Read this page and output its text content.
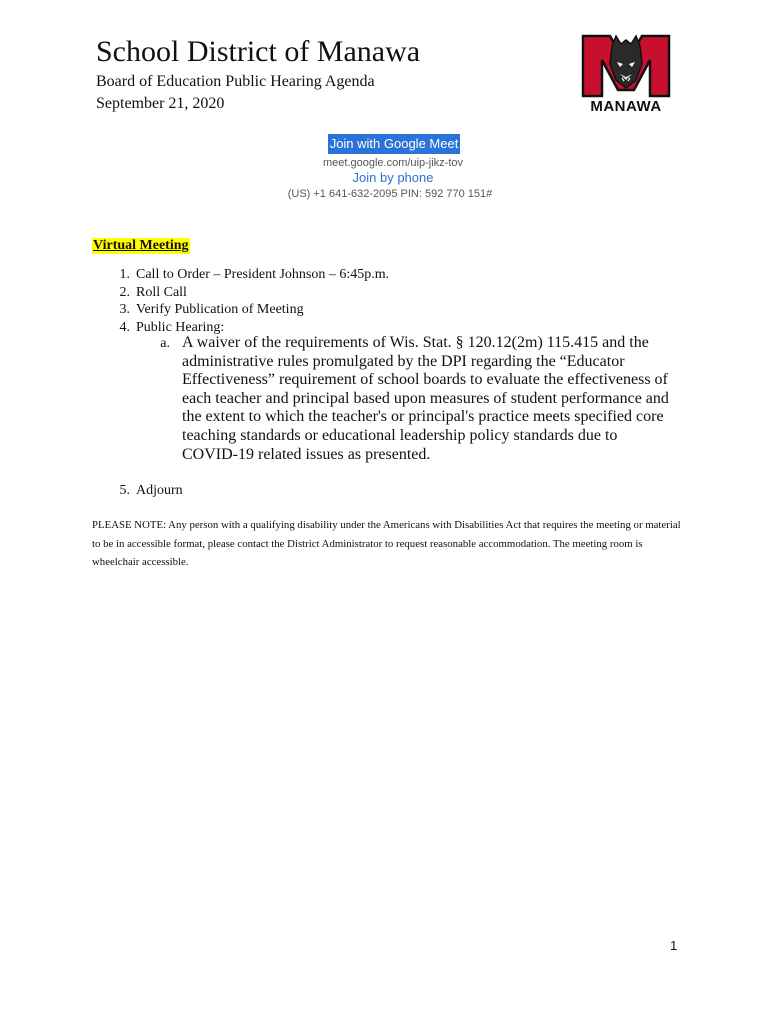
School District of Manawa
Board of Education Public Hearing Agenda
September 21, 2020	MANAWA
Join with Google Meet
meet.google.com/uip-jikz-tov
Join by phone
(US) +1 641-632-2095 PIN: 592 770 151#
Virtual Meeting
1. Call to Order – President Johnson – 6:45p.m.
2. Roll Call
3. Verify Publication of Meeting
4. Public Hearing:
a. A waiver of the requirements of Wis. Stat. § 120.12(2m) 115.415 and the administrative rules promulgated by the DPI regarding the “Educator Effectiveness” requirement of school boards to evaluate the effectiveness of each teacher and principal based upon measures of student performance and the extent to which the teacher's or principal's practice meets specified core teaching standards or educational leadership policy standards due to COVID-19 related issues as presented.
5. Adjourn
PLEASE NOTE: Any person with a qualifying disability under the Americans with Disabilities Act that requires the meeting or material to be in accessible format, please contact the District Administrator to request reasonable accommodation. The meeting room is wheelchair accessible.
1
